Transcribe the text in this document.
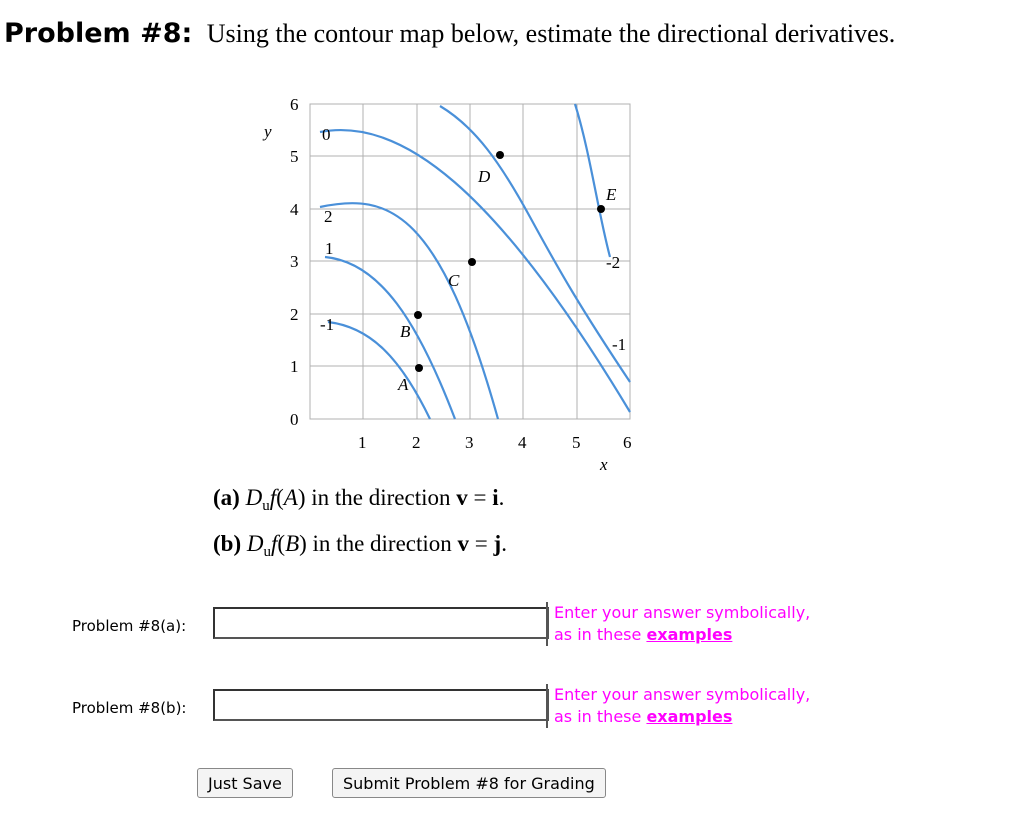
Problem #8: Using the contour map below, estimate the directional derivatives.
y
x
0
1
2
3
4
5
6
1	2	3	4	5	6
0
2
1
-1
-2
-1
A
B
C
D
E
(a) $D_uf(A)$ in the direction v = i.
(b) $D_uf(B)$ in the direction v = j.
Problem #8(a):
Enter your answer symbolically,
as in these examples
Problem #8(b):
Enter your answer symbolically,
as in these examples
Just Save	Submit Problem #8 for Grading
